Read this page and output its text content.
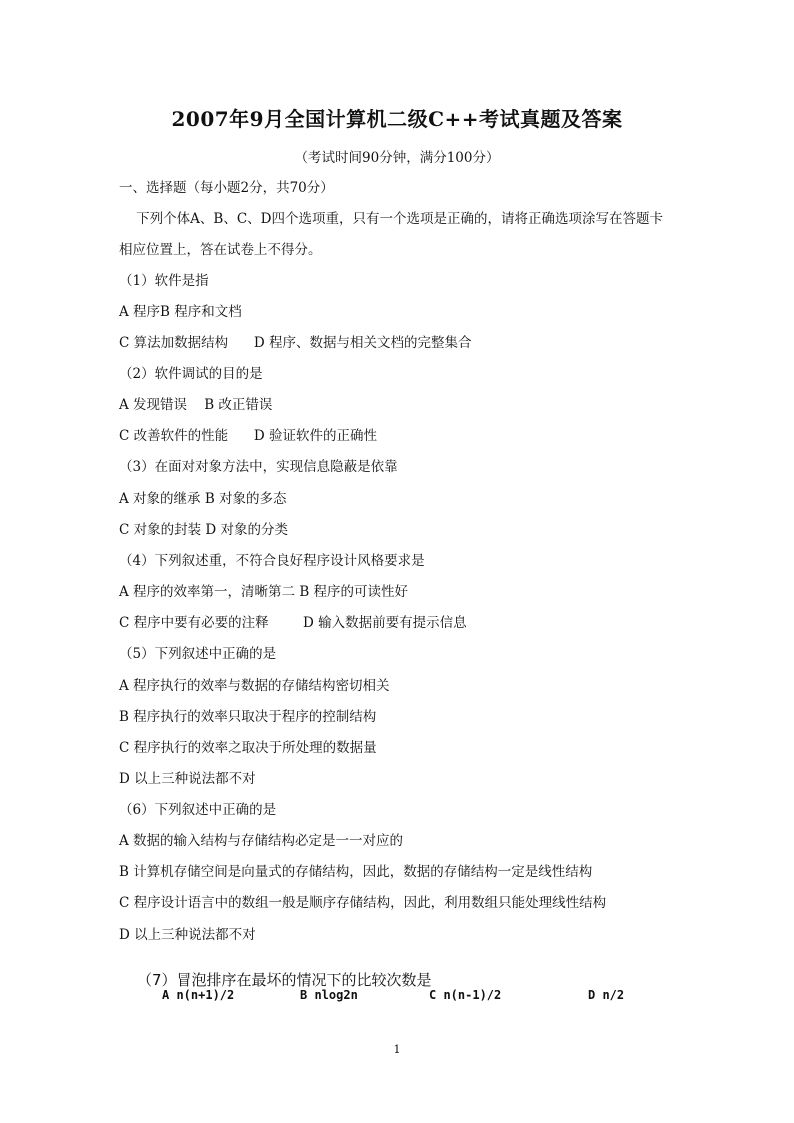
2007年9月全国计算机二级C++考试真题及答案
（考试时间90分钟，满分100分）
一、选择题（每小题2分，共70分）
下列个体A、B、C、D四个选项重，只有一个选项是正确的，请将正确选项涂写在答题卡
相应位置上，答在试卷上不得分。
（1）软件是指
A 程序B 程序和文档
C 算法加数据结构      D 程序、数据与相关文档的完整集合
（2）软件调试的目的是
A 发现错误    B 改正错误
C 改善软件的性能      D 验证软件的正确性
（3）在面对对象方法中，实现信息隐蔽是依靠
A 对象的继承 B 对象的多态
C 对象的封装 D 对象的分类
（4）下列叙述重，不符合良好程序设计风格要求是
A 程序的效率第一，清晰第二 B 程序的可读性好
C 程序中要有必要的注释        D 输入数据前要有提示信息
（5）下列叙述中正确的是
A 程序执行的效率与数据的存储结构密切相关
B 程序执行的效率只取决于程序的控制结构
C 程序执行的效率之取决于所处理的数据量
D 以上三种说法都不对
（6）下列叙述中正确的是
A 数据的输入结构与存储结构必定是一一对应的
B 计算机存储空间是向量式的存储结构，因此，数据的存储结构一定是线性结构
C 程序设计语言中的数组一般是顺序存储结构，因此，利用数组只能处理线性结构
D 以上三种说法都不对
（7）冒泡排序在最坏的情况下的比较次数是
A n(n+1)/2	B nlog2n	C n(n-1)/2	D n/2
1
